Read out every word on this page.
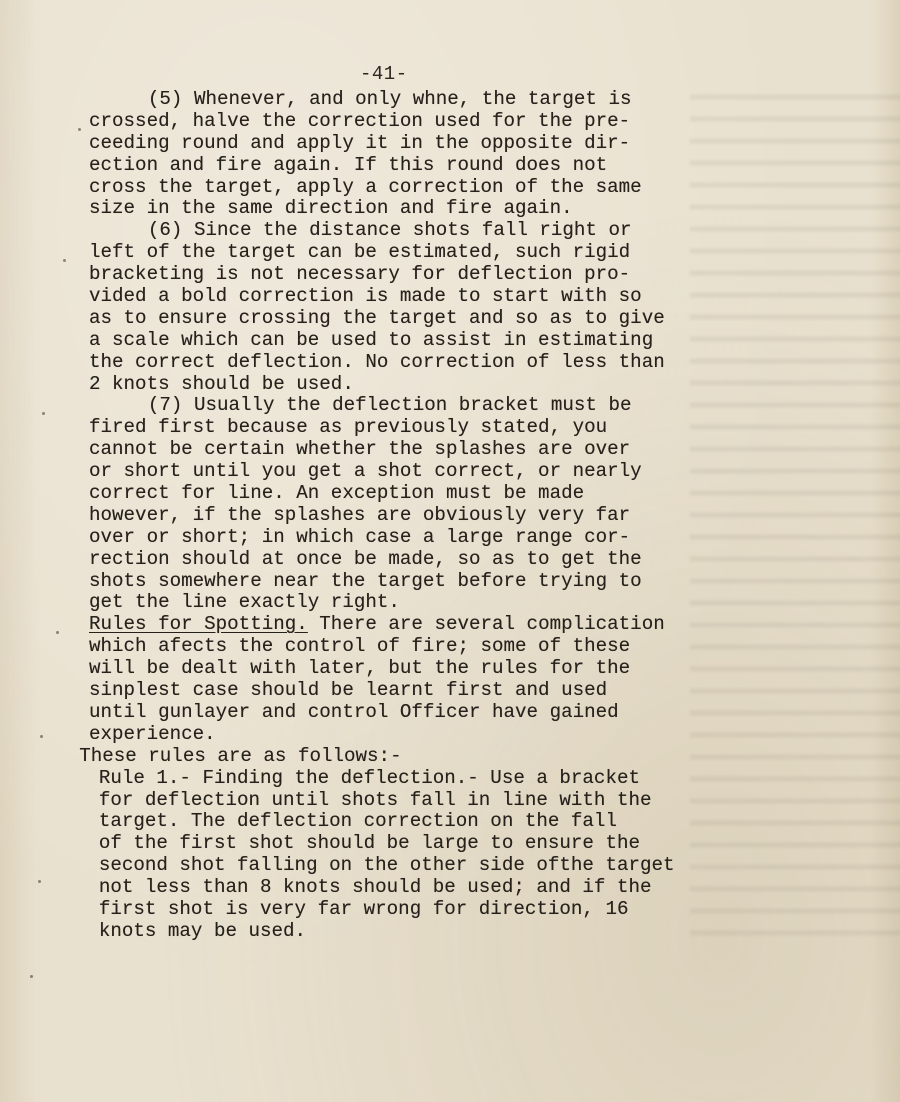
-41-
(5) Whenever, and only whne, the target is
crossed, halve the correction used for the pre-
ceeding round and apply it in the opposite dir-
ection and fire again. If this round does not
cross the target, apply a correction of the same
size in the same direction and fire again.
(6) Since the distance shots fall right or
left of the target can be estimated, such rigid
bracketing is not necessary for deflection pro-
vided a bold correction is made to start with so
as to ensure crossing the target and so as to give
a scale which can be used to assist in estimating
the correct deflection. No correction of less than
2 knots should be used.
(7) Usually the deflection bracket must be
fired first because as previously stated, you
cannot be certain whether the splashes are over
or short until you get a shot correct, or nearly
correct for line. An exception must be made
however, if the splashes are obviously very far
over or short; in which case a large range cor-
rection should at once be made, so as to get the
shots somewhere near the target before trying to
get the line exactly right.
Rules for Spotting. There are several complication
which afects the control of fire; some of these
will be dealt with later, but the rules for the
sinplest case should be learnt first and used
until gunlayer and control Officer have gained
experience.
These rules are as follows:-
Rule 1.- Finding the deflection.- Use a bracket
for deflection until shots fall in line with the
target. The deflection correction on the fall
of the first shot should be large to ensure the
second shot falling on the other side ofthe target
not less than 8 knots should be used; and if the
first shot is very far wrong for direction, 16
knots may be used.
